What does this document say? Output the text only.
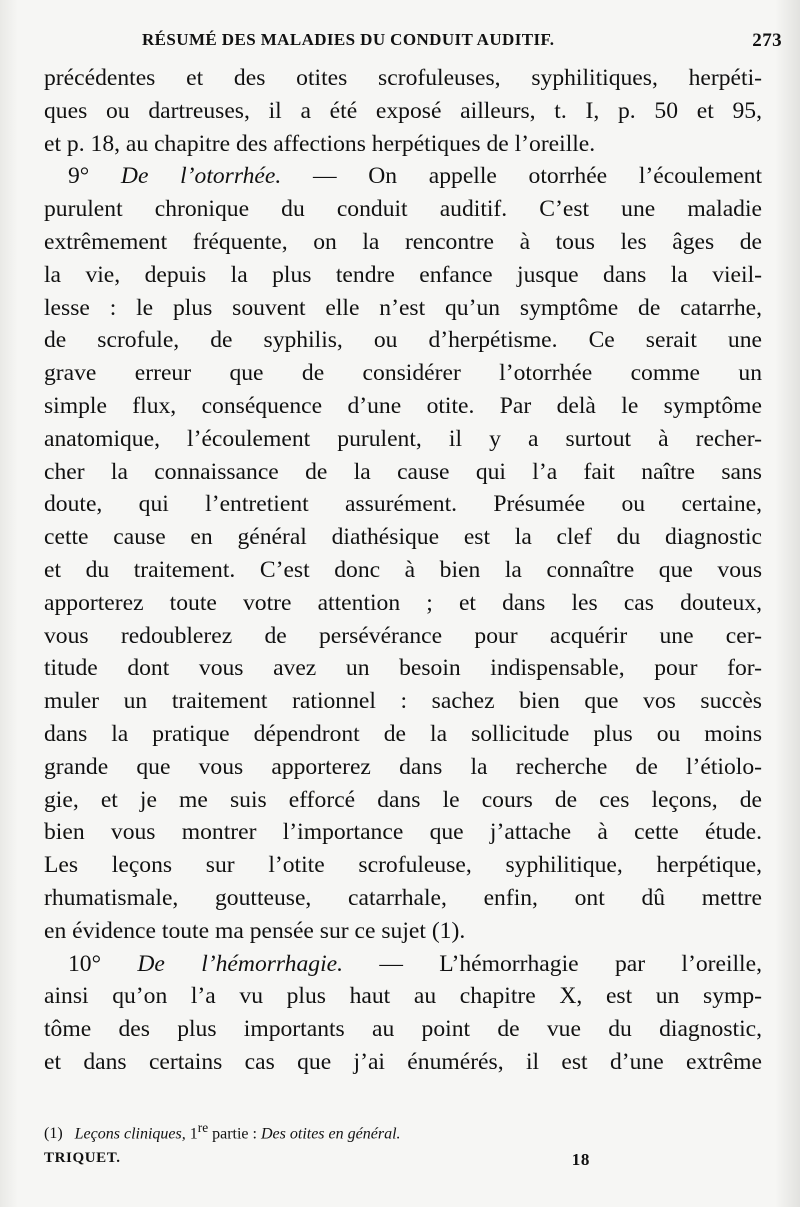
RÉSUMÉ DES MALADIES DU CONDUIT AUDITIF.	273
précédentes et des otites scrofuleuses, syphilitiques, herpéti-
ques ou dartreuses, il a été exposé ailleurs, t. I, p. 50 et 95,
et p. 18, au chapitre des affections herpétiques de l’oreille.
9° De l’otorrhée. — On appelle otorrhée l’écoulement
purulent chronique du conduit auditif. C’est une maladie
extrêmement fréquente, on la rencontre à tous les âges de
la vie, depuis la plus tendre enfance jusque dans la vieil-
lesse : le plus souvent elle n’est qu’un symptôme de catarrhe,
de scrofule, de syphilis, ou d’herpétisme. Ce serait une
grave erreur que de considérer l’otorrhée comme un
simple flux, conséquence d’une otite. Par delà le symptôme
anatomique, l’écoulement purulent, il y a surtout à recher-
cher la connaissance de la cause qui l’a fait naître sans
doute, qui l’entretient assurément. Présumée ou certaine,
cette cause en général diathésique est la clef du diagnostic
et du traitement. C’est donc à bien la connaître que vous
apporterez toute votre attention ; et dans les cas douteux,
vous redoublerez de persévérance pour acquérir une cer-
titude dont vous avez un besoin indispensable, pour for-
muler un traitement rationnel : sachez bien que vos succès
dans la pratique dépendront de la sollicitude plus ou moins
grande que vous apporterez dans la recherche de l’étiolo-
gie, et je me suis efforcé dans le cours de ces leçons, de
bien vous montrer l’importance que j’attache à cette étude.
Les leçons sur l’otite scrofuleuse, syphilitique, herpétique,
rhumatismale, goutteuse, catarrhale, enfin, ont dû mettre
en évidence toute ma pensée sur ce sujet (1).
10° De l’hémorrhagie. — L’hémorrhagie par l’oreille,
ainsi qu’on l’a vu plus haut au chapitre X, est un symp-
tôme des plus importants au point de vue du diagnostic,
et dans certains cas que j’ai énumérés, il est d’une extrême
(1) Leçons cliniques, 1re partie : Des otites en général.
TRIQUET.	18
